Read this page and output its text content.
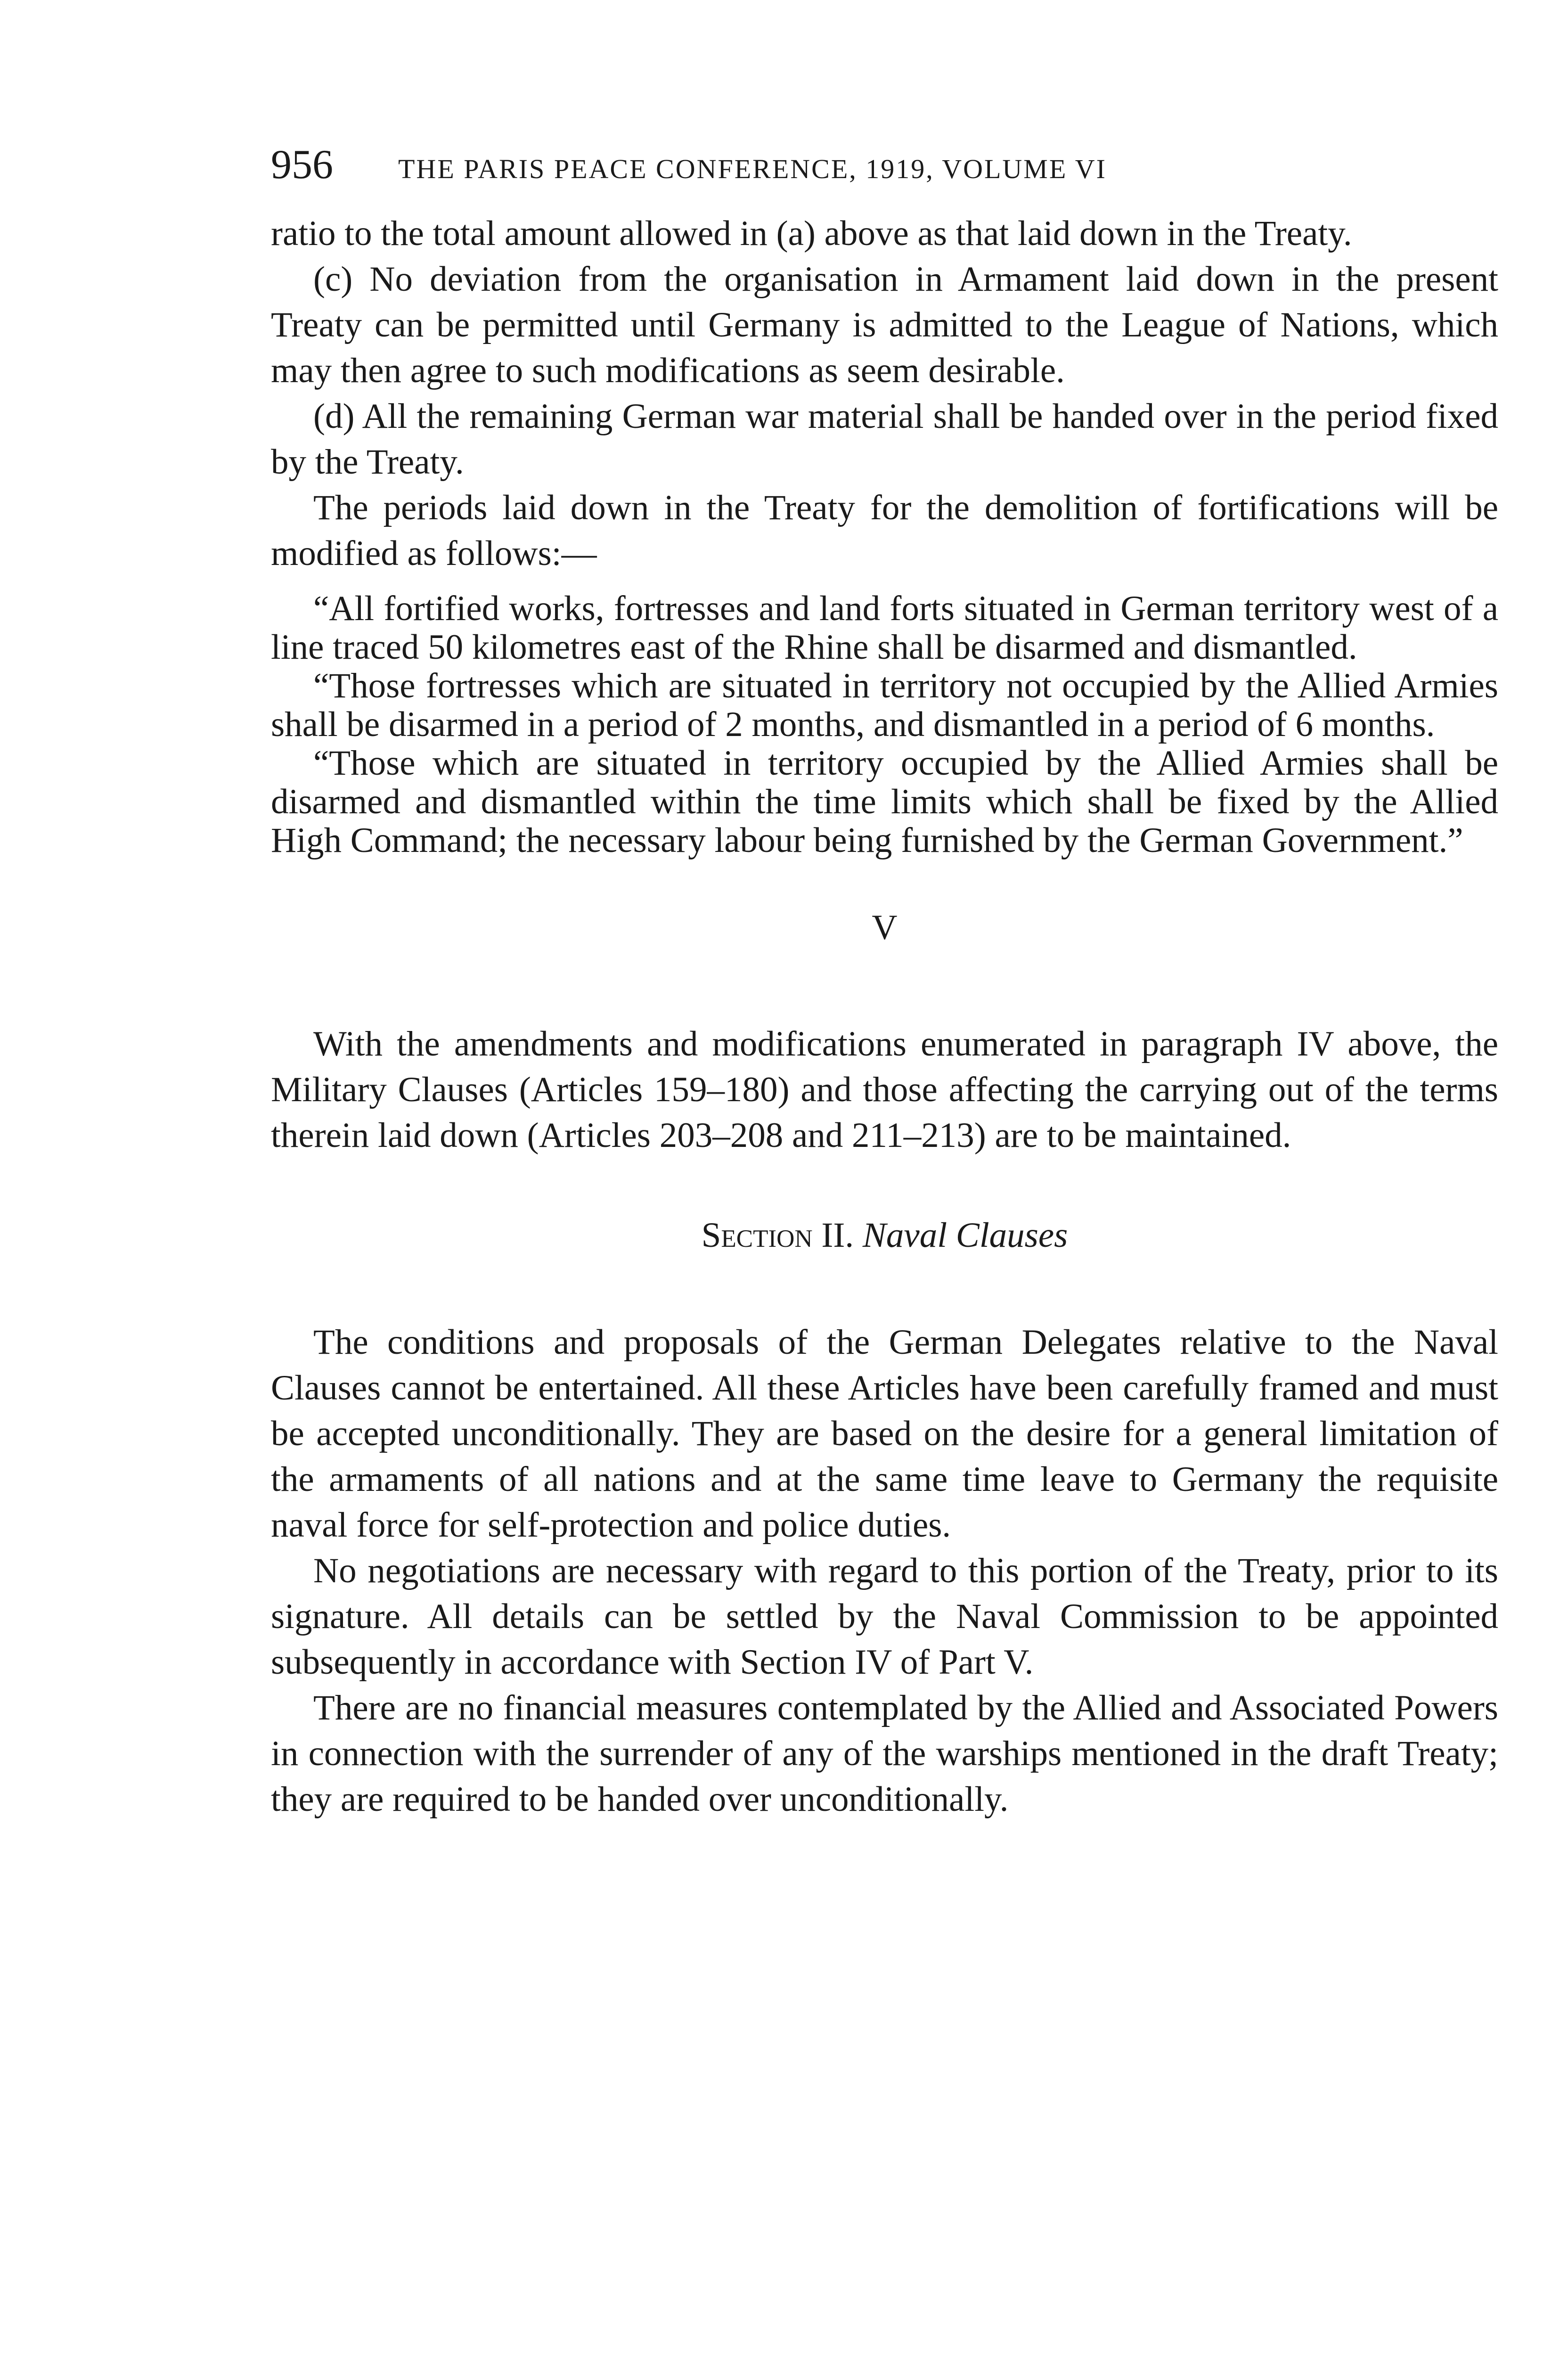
956	THE PARIS PEACE CONFERENCE, 1919, VOLUME VI

ratio to the total amount allowed in (a) above as that laid down in the Treaty.

(c) No deviation from the organisation in Armament laid down in the present Treaty can be permitted until Germany is admitted to the League of Nations, which may then agree to such modifications as seem desirable.

(d) All the remaining German war material shall be handed over in the period fixed by the Treaty.

The periods laid down in the Treaty for the demolition of fortifications will be modified as follows:—

“All fortified works, fortresses and land forts situated in German territory west of a line traced 50 kilometres east of the Rhine shall be disarmed and dismantled.

“Those fortresses which are situated in territory not occupied by the Allied Armies shall be disarmed in a period of 2 months, and dismantled in a period of 6 months.

“Those which are situated in territory occupied by the Allied Armies shall be disarmed and dismantled within the time limits which shall be fixed by the Allied High Command; the necessary labour being furnished by the German Government.”

V

With the amendments and modifications enumerated in paragraph IV above, the Military Clauses (Articles 159–180) and those affecting the carrying out of the terms therein laid down (Articles 203–208 and 211–213) are to be maintained.

Section II. Naval Clauses

The conditions and proposals of the German Delegates relative to the Naval Clauses cannot be entertained. All these Articles have been carefully framed and must be accepted unconditionally. They are based on the desire for a general limitation of the armaments of all nations and at the same time leave to Germany the requisite naval force for self-protection and police duties.

No negotiations are necessary with regard to this portion of the Treaty, prior to its signature. All details can be settled by the Naval Commission to be appointed subsequently in accordance with Section IV of Part V.

There are no financial measures contemplated by the Allied and Associated Powers in connection with the surrender of any of the warships mentioned in the draft Treaty; they are required to be handed over unconditionally.
